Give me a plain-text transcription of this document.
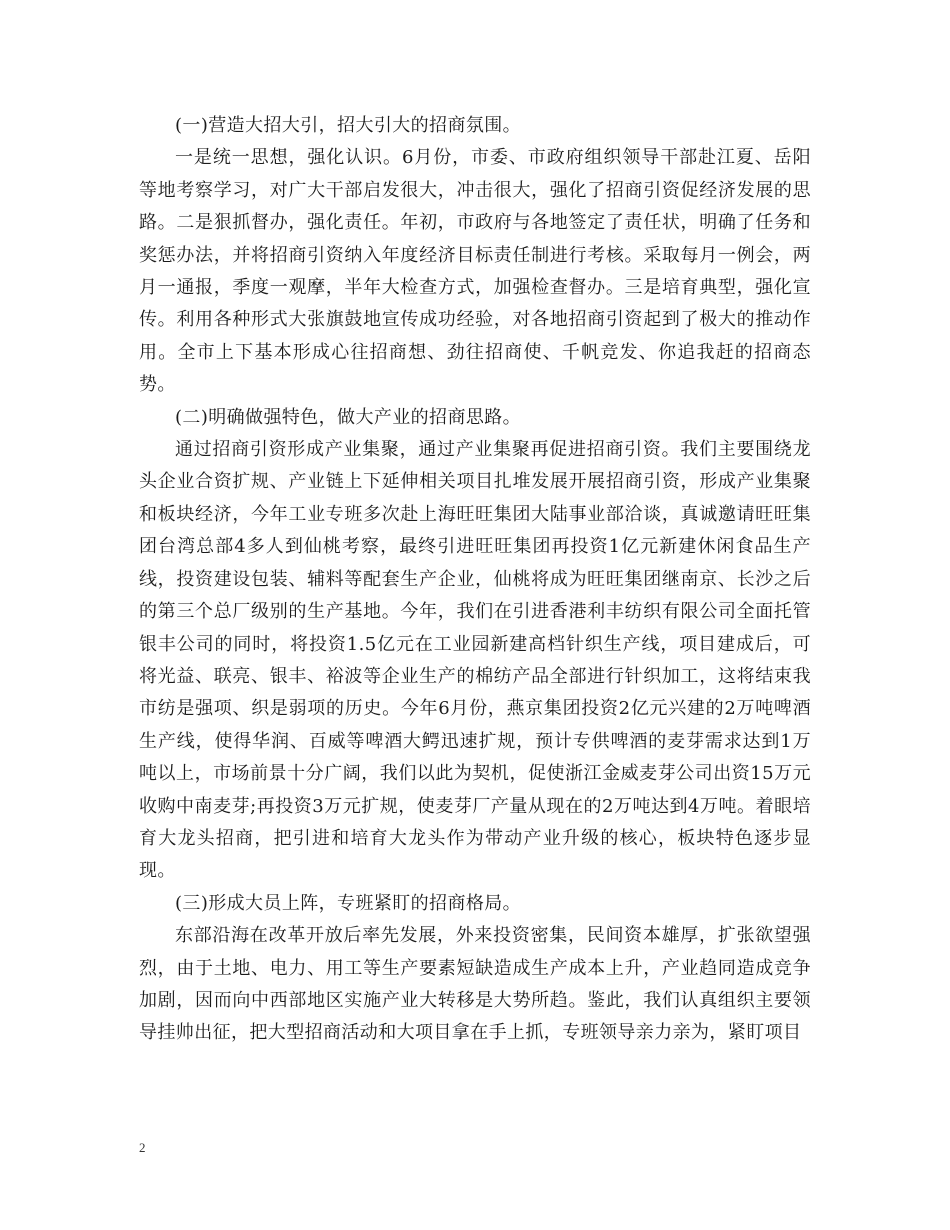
(一)营造大招大引，招大引大的招商氛围。

一是统一思想，强化认识。6月份，市委、市政府组织领导干部赴江夏、岳阳等地考察学习，对广大干部启发很大，冲击很大，强化了招商引资促经济发展的思路。二是狠抓督办，强化责任。年初，市政府与各地签定了责任状，明确了任务和奖惩办法，并将招商引资纳入年度经济目标责任制进行考核。采取每月一例会，两月一通报，季度一观摩，半年大检查方式，加强检查督办。三是培育典型，强化宣传。利用各种形式大张旗鼓地宣传成功经验，对各地招商引资起到了极大的推动作用。全市上下基本形成心往招商想、劲往招商使、千帆竞发、你追我赶的招商态势。

(二)明确做强特色，做大产业的招商思路。

通过招商引资形成产业集聚，通过产业集聚再促进招商引资。我们主要围绕龙头企业合资扩规、产业链上下延伸相关项目扎堆发展开展招商引资，形成产业集聚和板块经济，今年工业专班多次赴上海旺旺集团大陆事业部洽谈，真诚邀请旺旺集团台湾总部4多人到仙桃考察，最终引进旺旺集团再投资1亿元新建休闲食品生产线，投资建设包装、辅料等配套生产企业，仙桃将成为旺旺集团继南京、长沙之后的第三个总厂级别的生产基地。今年，我们在引进香港利丰纺织有限公司全面托管银丰公司的同时，将投资1.5亿元在工业园新建高档针织生产线，项目建成后，可将光益、联亮、银丰、裕波等企业生产的棉纺产品全部进行针织加工，这将结束我市纺是强项、织是弱项的历史。今年6月份，燕京集团投资2亿元兴建的2万吨啤酒生产线，使得华润、百威等啤酒大鳄迅速扩规，预计专供啤酒的麦芽需求达到1万吨以上，市场前景十分广阔，我们以此为契机，促使浙江金威麦芽公司出资15万元收购中南麦芽;再投资3万元扩规，使麦芽厂产量从现在的2万吨达到4万吨。着眼培育大龙头招商，把引进和培育大龙头作为带动产业升级的核心，板块特色逐步显现。

(三)形成大员上阵，专班紧盯的招商格局。

东部沿海在改革开放后率先发展，外来投资密集，民间资本雄厚，扩张欲望强烈，由于土地、电力、用工等生产要素短缺造成生产成本上升，产业趋同造成竞争加剧，因而向中西部地区实施产业大转移是大势所趋。鉴此，我们认真组织主要领导挂帅出征，把大型招商活动和大项目拿在手上抓，专班领导亲力亲为，紧盯项目

2
